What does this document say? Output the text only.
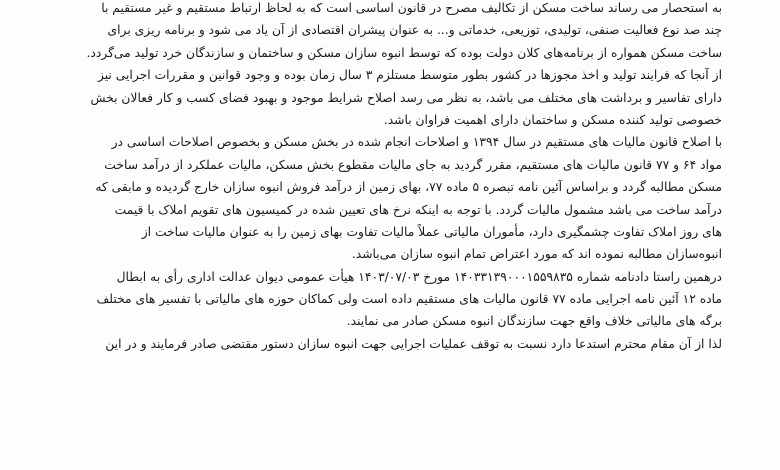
به استحصار می رساند ساخت مسکن از تکالیف مصرح در قانون اساسی است که به لحاظ ارتباط مستقیم و غیر مستقیم با
چند صد نوع فعالیت صنفی، تولیدی، توزیعی، خدماتی و... به عنوان پیشران اقتصادی از آن یاد می شود و برنامه ریزی برای
ساخت مسکن همواره از برنامه‌های کلان دولت بوده که توسط انبوه سازان مسکن و ساختمان و سازندگان خرد تولید می‌گردد.
از آنجا که فرایند تولید و اخذ مجوزها در کشور بطور متوسط مستلزم ۳ سال زمان بوده و وجود قوانین و مقررات اجرایی نیز
دارای تفاسیر و برداشت های مختلف می باشد، به نظر می رسد اصلاح شرایط موجود و بهبود فضای کسب و کار فعالان بخش
خصوصی تولید کننده مسکن و ساختمان دارای اهمیت فراوان باشد.
با اصلاح قانون مالیات های مستقیم در سال ۱۳۹۴ و اصلاحات انجام شده در بخش مسکن و بخصوص اصلاحات اساسی در
مواد ۶۴ و ۷۷ قانون مالیات های مستقیم، مقرر گردید به جای مالیات مقطوع بخش مسکن، مالیات عملکرد از درآمد ساخت
مسکن مطالبه گردد و براساس آئین نامه تبصره ۵ ماده ۷۷، بهای زمین از درآمد فروش انبوه سازان خارج گردیده و مابقی که
درآمد ساخت می باشد مشمول مالیات گردد. با توجه به اینکه نرخ های تعیین شده در کمیسیون های تقویم املاک با قیمت
های روز املاک تفاوت چشمگیری دارد، مأموران مالیاتی عملاً مالیات تفاوت بهای زمین را به عنوان مالیات ساخت از
انبوه‌سازان مطالبه نموده اند که مورد اعتراض تمام انبوه سازان می‌باشد.
درهمین راستا دادنامه شماره ۱۴۰۳۳۱۳۹۰۰۰۱۵۵۹۸۳۵ مورخ ۱۴۰۳/۰۷/۰۳ هیأت عمومی دیوان عدالت اداری رأی به ابطال
ماده ۱۲ آئین نامه اجرایی ماده ۷۷ قانون مالیات های مستقیم داده است ولی کماکان حوزه های مالیاتی با تفسیر های مختلف
برگه های مالیاتی خلاف واقع جهت سازندگان انبوه مسکن صادر می نمایند.
لذا از آن مقام محترم استدعا دارد نسبت به توقف عملیات اجرایی جهت انبوه سازان دستور مقتضی صادر فرمایند و در این
